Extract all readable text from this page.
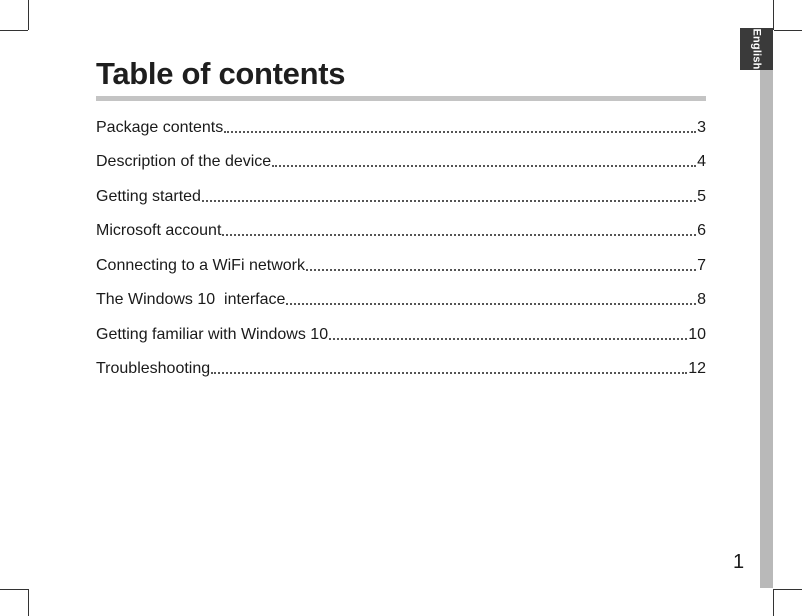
English
Table of contents
Package contents	3
Description of the device	4
Getting started	5
Microsoft account	6
Connecting to a WiFi network	7
The Windows 10  interface	8
Getting familiar with Windows 10	10
Troubleshooting	12
1
